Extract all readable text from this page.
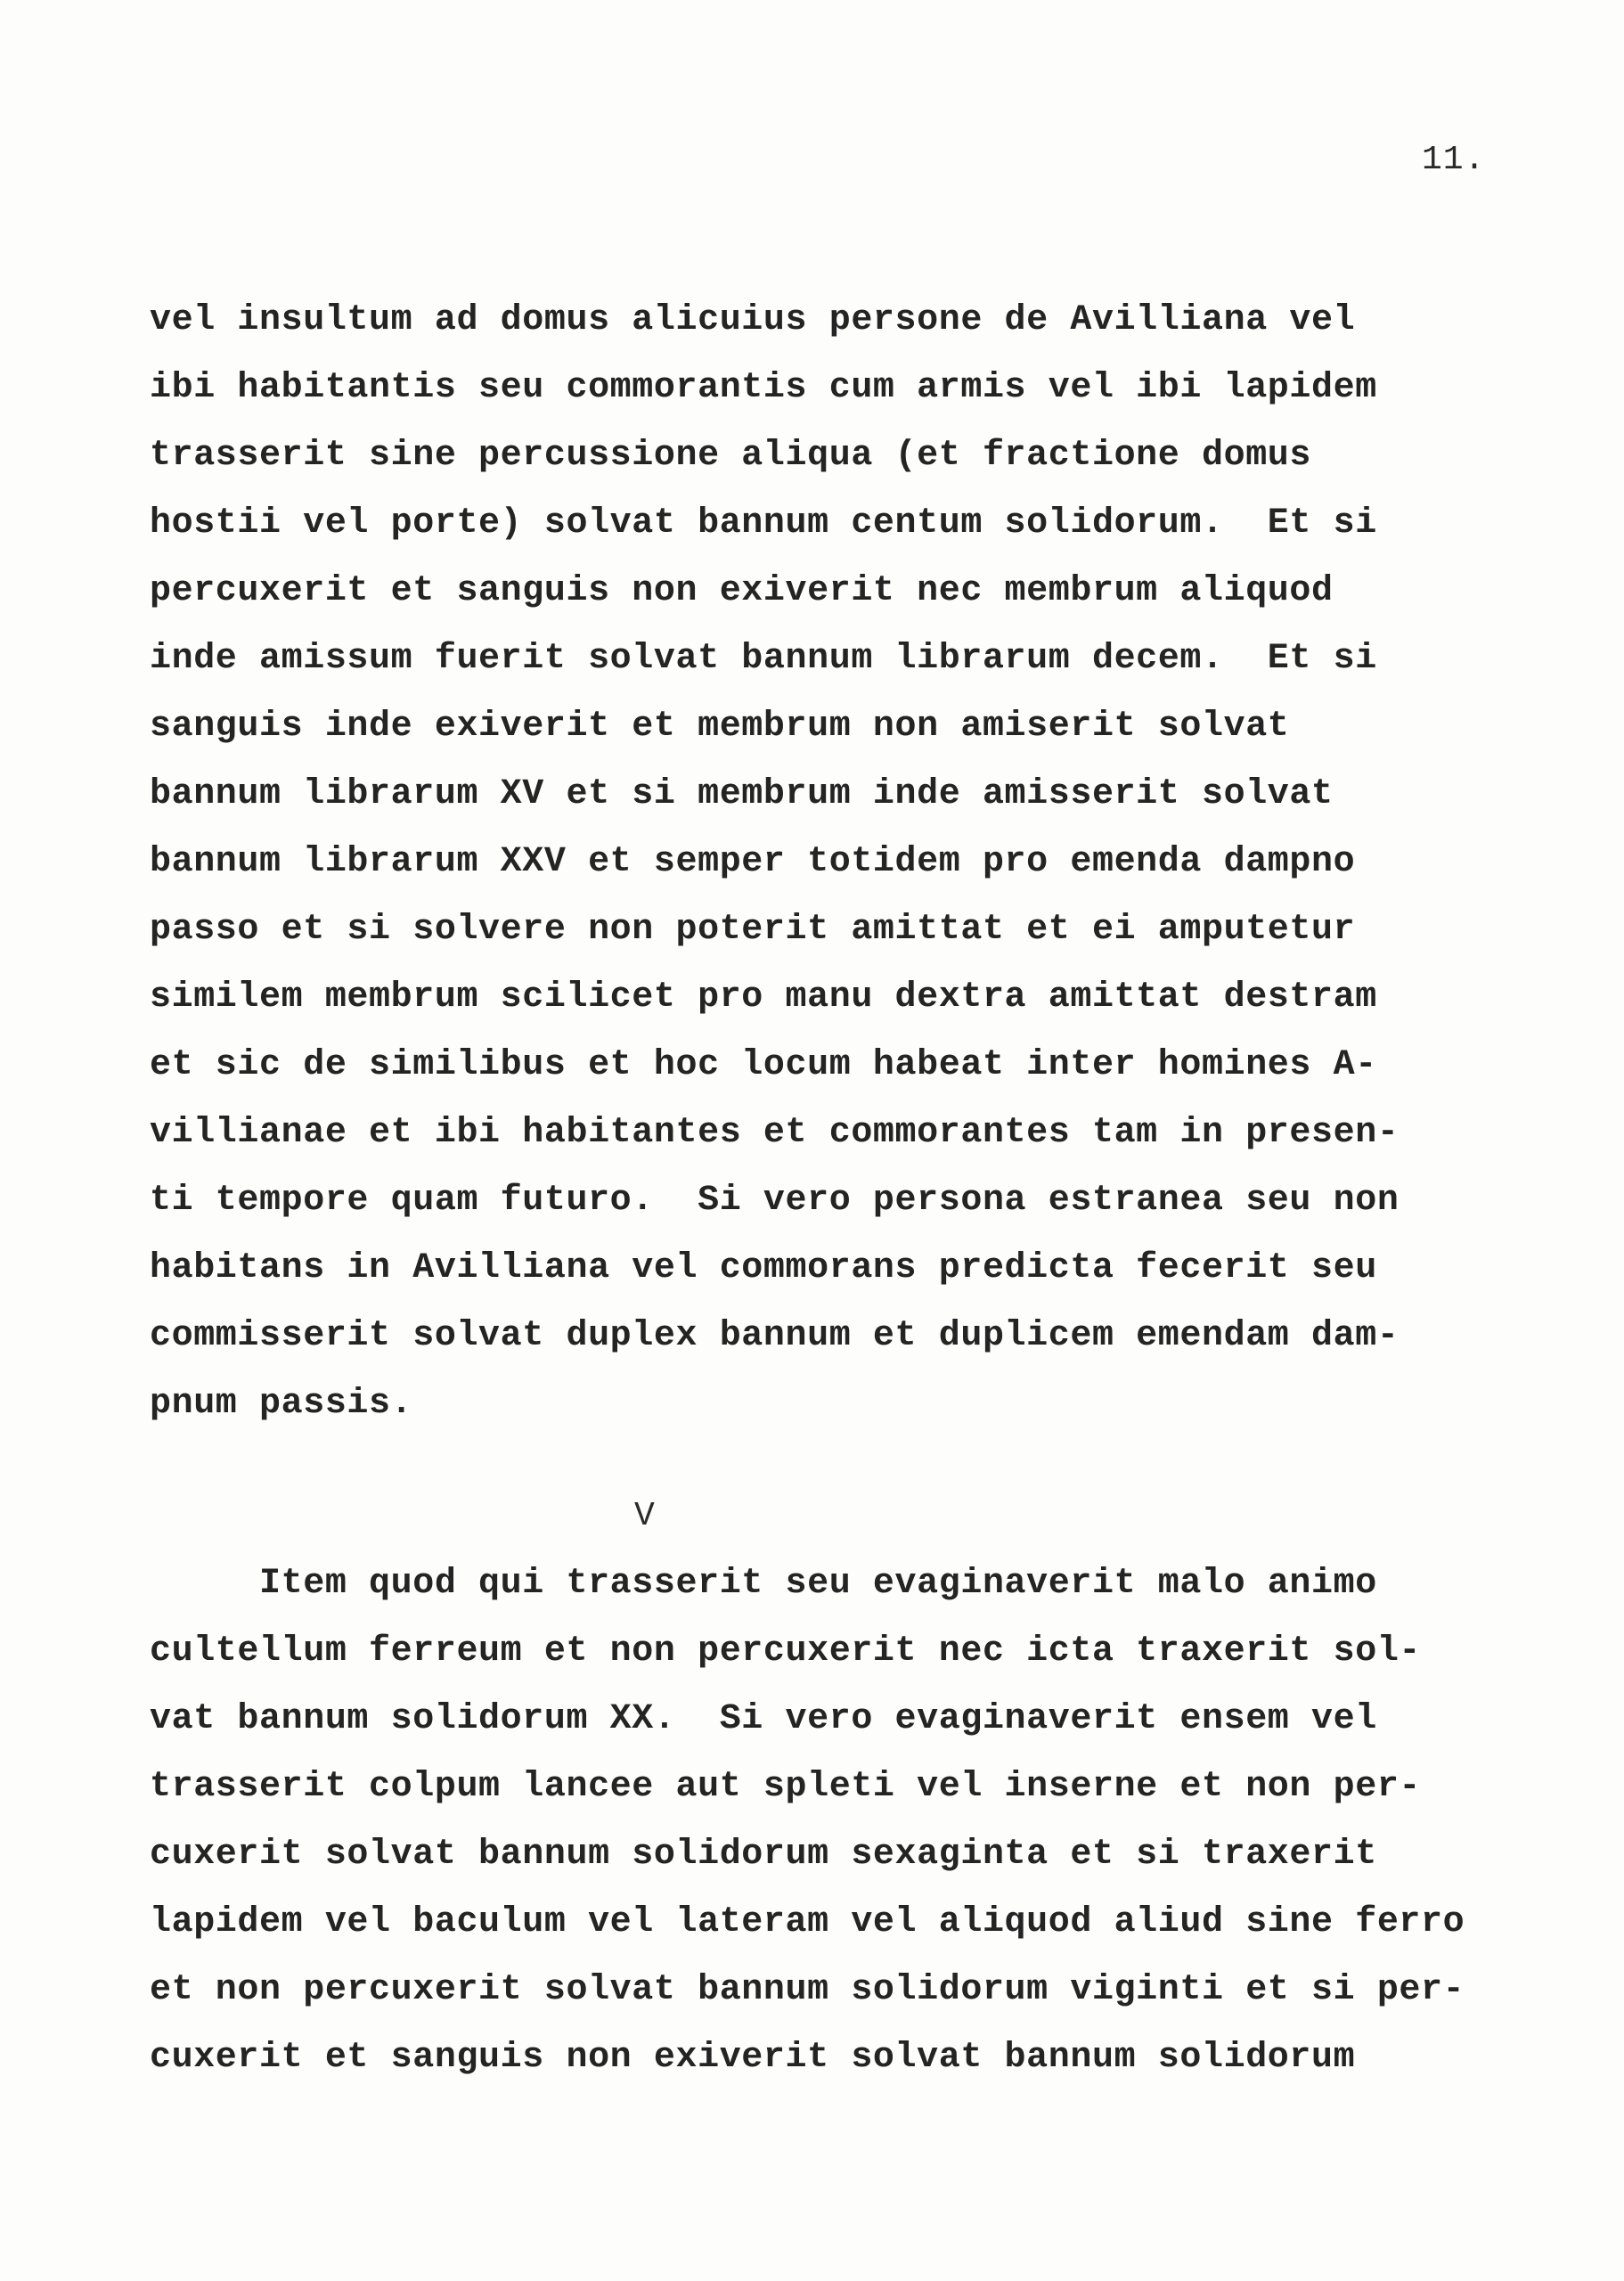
11.
vel insultum ad domus alicuius persone de Avilliana vel
ibi habitantis seu commorantis cum armis vel ibi lapidem
trasserit sine percussione aliqua (et fractione domus
hostii vel porte) solvat bannum centum solidorum.  Et si
percuxerit et sanguis non exiverit nec membrum aliquod
inde amissum fuerit solvat bannum librarum decem.  Et si
sanguis inde exiverit et membrum non amiserit solvat
bannum librarum XV et si membrum inde amisserit solvat
bannum librarum XXV et semper totidem pro emenda dampno
passo et si solvere non poterit amittat et ei amputetur
similem membrum scilicet pro manu dextra amittat destram
et sic de similibus et hoc locum habeat inter homines A-
villianae et ibi habitantes et commorantes tam in presen-
ti tempore quam futuro.  Si vero persona estranea seu non
habitans in Avilliana vel commorans predicta fecerit seu
commisserit solvat duplex bannum et duplicem emendam dam-
pnum passis.
V
Item quod qui trasserit seu evaginaverit malo animo
cultellum ferreum et non percuxerit nec icta traxerit sol-
vat bannum solidorum XX.  Si vero evaginaverit ensem vel
trasserit colpum lancee aut spleti vel inserne et non per-
cuxerit solvat bannum solidorum sexaginta et si traxerit
lapidem vel baculum vel lateram vel aliquod aliud sine ferro
et non percuxerit solvat bannum solidorum viginti et si per-
cuxerit et sanguis non exiverit solvat bannum solidorum
